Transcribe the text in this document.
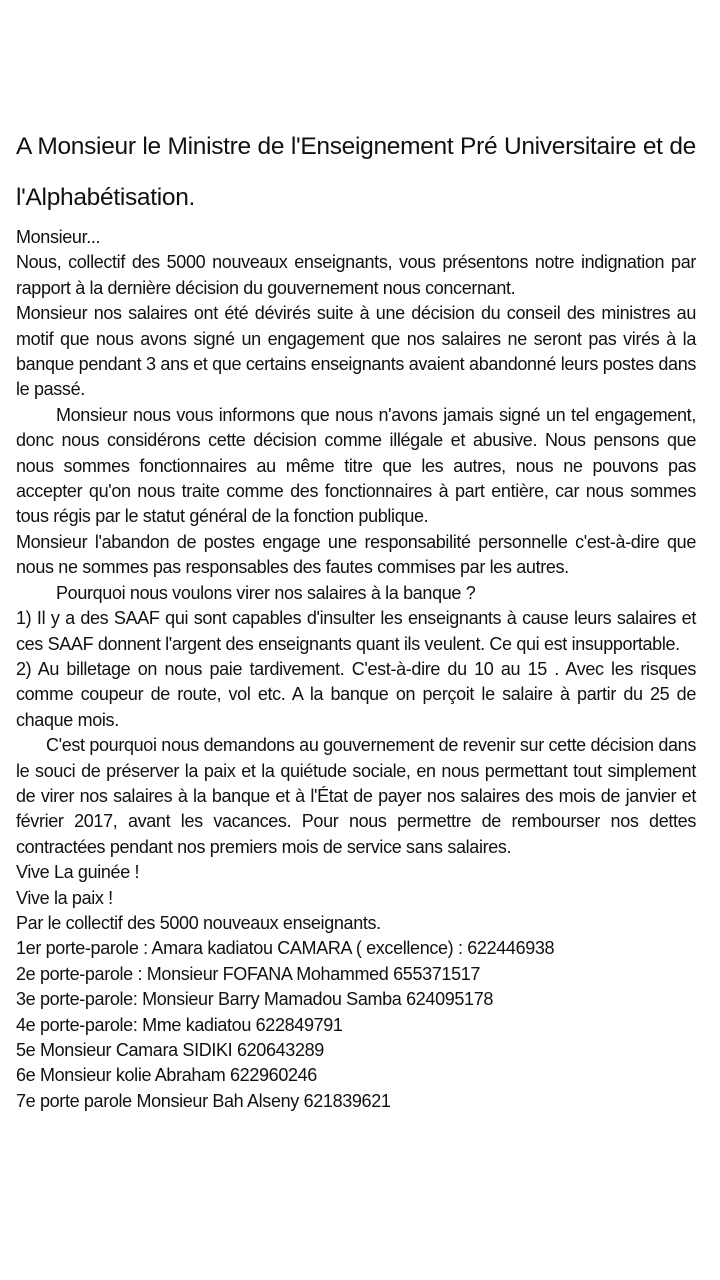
A Monsieur le Ministre de l'Enseignement Pré Universitaire et de l'Alphabétisation.

Monsieur...

Nous, collectif des 5000 nouveaux enseignants, vous présentons notre indignation par rapport à la dernière décision du gouvernement nous concernant.

Monsieur nos salaires ont été dévirés suite à une décision du conseil des ministres au motif que nous avons signé un engagement que nos salaires ne seront pas virés à la banque pendant 3 ans et que certains enseignants avaient abandonné leurs postes dans le passé.

Monsieur nous vous informons que nous n'avons jamais signé un tel engagement, donc nous considérons cette décision comme illégale et abusive. Nous pensons que nous sommes fonctionnaires au même titre que les autres, nous ne pouvons pas accepter qu'on nous traite comme des fonctionnaires à part entière, car nous sommes tous régis par le statut général de la fonction publique.

Monsieur l'abandon de postes engage une responsabilité personnelle c'est-à-dire que nous ne sommes pas responsables des fautes commises par les autres.

Pourquoi nous voulons virer nos salaires à la banque ?

1) Il y a des SAAF qui sont capables d'insulter les enseignants à cause leurs salaires et ces SAAF donnent l'argent des enseignants quant ils veulent. Ce qui est insupportable.

2) Au billetage on nous paie tardivement. C'est-à-dire du 10 au 15 . Avec les risques comme coupeur de route, vol etc. A la banque on perçoit le salaire à partir du 25 de chaque mois.

C'est pourquoi nous demandons au gouvernement de revenir sur cette décision dans le souci de préserver la paix et la quiétude sociale, en nous permettant tout simplement de virer nos salaires à la banque et à l'État de payer nos salaires des mois de janvier et février 2017, avant les vacances. Pour nous permettre de rembourser nos dettes contractées pendant nos premiers mois de service sans salaires.

Vive La guinée !

Vive la paix !

Par le collectif des 5000 nouveaux enseignants.

1er porte-parole : Amara kadiatou CAMARA ( excellence) : 622446938

2e porte-parole : Monsieur FOFANA Mohammed 655371517

3e porte-parole: Monsieur Barry Mamadou Samba 624095178

4e porte-parole: Mme kadiatou 622849791

5e Monsieur Camara SIDIKI 620643289

6e Monsieur kolie Abraham 622960246

7e porte parole Monsieur Bah Alseny 621839621
